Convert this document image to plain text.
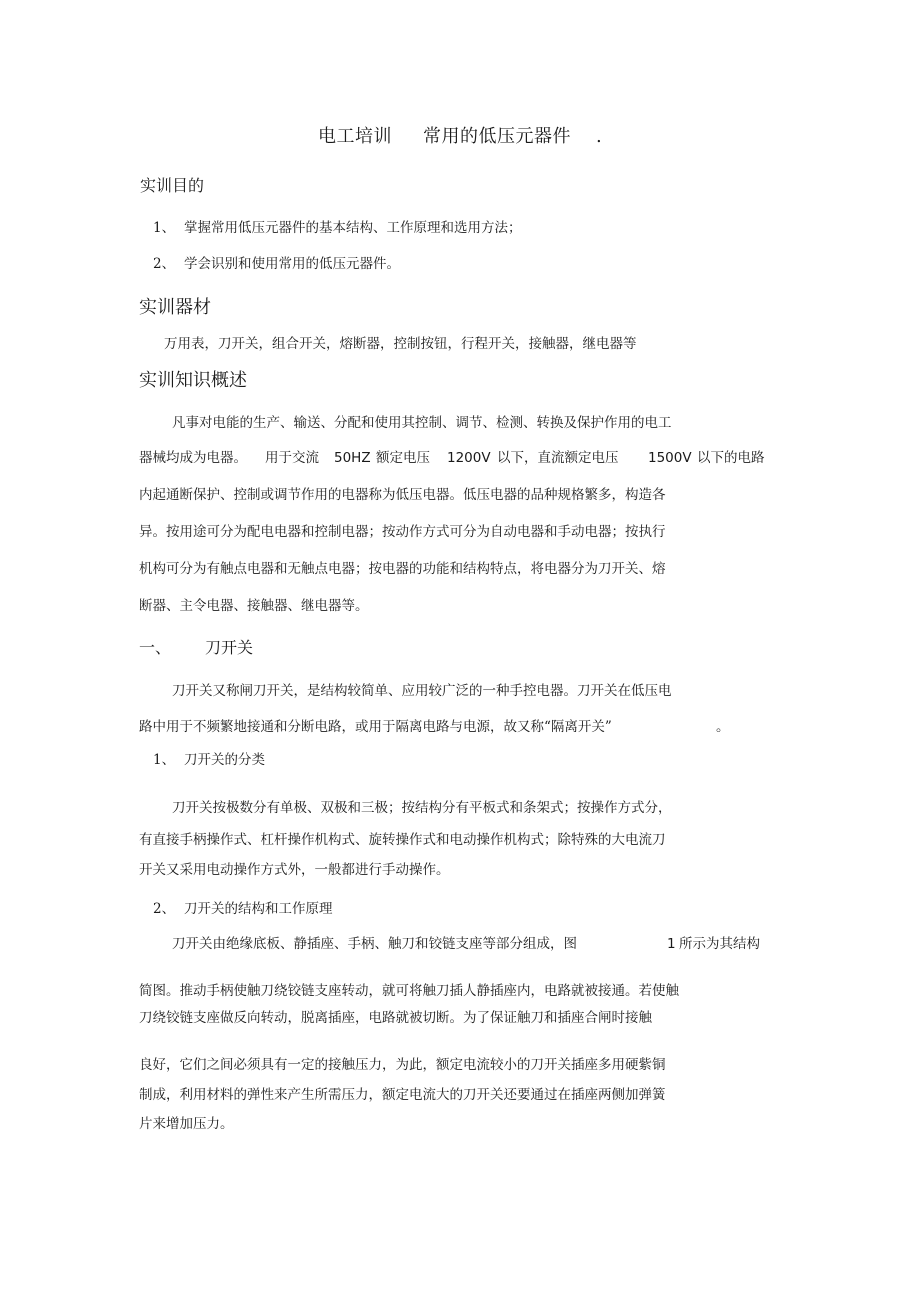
电工培训 常用的低压元器件 .
实训目的
1、 掌握常用低压元器件的基本结构、工作原理和选用方法；
2、 学会识别和使用常用的低压元器件。
实训器材
万用表，刀开关，组合开关，熔断器，控制按钮，行程开关，接触器，继电器等
实训知识概述
凡事对电能的生产、输送、分配和使用其控制、调节、检测、转换及保护作用的电工
器械均成为电器。 用于交流 50HZ 额定电压 1200V 以下，直流额定电压 1500V 以下的电路
内起通断保护、控制或调节作用的电器称为低压电器。低压电器的品种规格繁多，构造各
异。按用途可分为配电电器和控制电器；按动作方式可分为自动电器和手动电器；按执行
机构可分为有触点电器和无触点电器；按电器的功能和结构特点，将电器分为刀开关、熔
断器、主令电器、接触器、继电器等。
一、 刀开关
刀开关又称闸刀开关，是结构较简单、应用较广泛的一种手控电器。刀开关在低压电
路中用于不频繁地接通和分断电路，或用于隔离电路与电源，故又称“隔离开关”	。
1、 刀开关的分类
刀开关按极数分有单极、双极和三极；按结构分有平板式和条架式；按操作方式分，
有直接手柄操作式、杠杆操作机构式、旋转操作式和电动操作机构式；除特殊的大电流刀
开关又采用电动操作方式外，一般都进行手动操作。
2、 刀开关的结构和工作原理
刀开关由绝缘底板、静插座、手柄、触刀和铰链支座等部分组成，图	1 所示为其结构
简图。推动手柄使触刀绕铰链支座转动，就可将触刀插人静插座内，电路就被接通。若使触
刀绕铰链支座做反向转动，脱离插座，电路就被切断。为了保证触刀和插座合闸时接触
良好，它们之间必须具有一定的接触压力，为此，额定电流较小的刀开关插座多用硬紫铜
制成，利用材料的弹性来产生所需压力，额定电流大的刀开关还要通过在插座两侧加弹簧
片来增加压力。
